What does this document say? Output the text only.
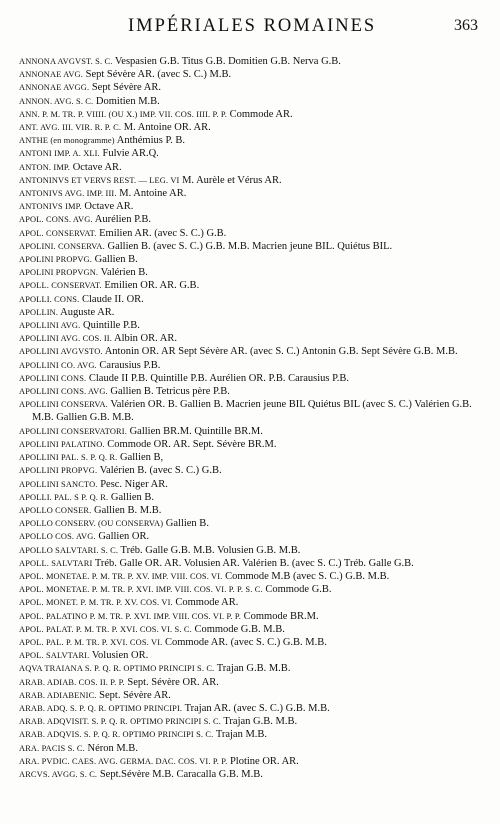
IMPÉRIALES ROMAINES	363
ANNONA AVGVST. S. C. Vespasien G.B. Titus G.B. Domitien G.B. Nerva G.B.
ANNONAE AVG. Sept Sévère AR. (avec S. C.) M.B.
ANNONAE AVGG. Sept Sévère AR.
ANNON. AVG. S. C. Domitien M.B.
ANN. P. M. TR. P. VIIII. (OU X.) IMP. VII. COS. IIII. P. P. Commode AR.
ANT. AVG. III. VIR. R. P. C. M. Antoine OR. AR.
ANTHE (en monogramme) Anthémius P. B.
ANTONI IMP. A. XLI. Fulvie AR.Q.
ANTON. IMP. Octave AR.
ANTONINVS ET VERVS REST. — LEG. VI M. Aurèle et Vérus AR.
ANTONIVS AVG. IMP. III. M. Antoine AR.
ANTONIVS IMP. Octave AR.
APOL. CONS. AVG. Aurélien P.B.
APOL. CONSERVAT. Emilien AR. (avec S. C.) G.B.
APOLINI. CONSERVA. Gallien B. (avec S. C.) G.B. M.B. Macrien jeune BIL. Quiétus BIL.
APOLINI PROPVG. Gallien B.
APOLINI PROPVGN. Valérien B.
APOLL. CONSERVAT. Emilien OR. AR. G.B.
APOLLI. CONS. Claude II. OR.
APOLLIN. Auguste AR.
APOLLINI AVG. Quintille P.B.
APOLLINI AVG. COS. II. Albin OR. AR.
APOLLINI AVGVSTO. Antonin OR. AR Sept Sévère AR. (avec S. C.) Antonin G.B. Sept Sévère G.B. M.B.
APOLLINI CO. AVG. Carausius P.B.
APOLLINI CONS. Claude II P.B. Quintille P.B. Aurélien OR. P.B. Carausius P.B.
APOLLINI CONS. AVG. Gallien B. Tetricus père P.B.
APOLLINI CONSERVA. Valérien OR. B. Gallien B. Macrien jeune BIL Quiétus BIL (avec S. C.) Valérien G.B. M.B. Gallien G.B. M.B.
APOLLINI CONSERVATORI. Gallien BR.M. Quintille BR.M.
APOLLINI PALATINO. Commode OR. AR. Sept. Sévère BR.M.
APOLLINI PAL. S. P. Q. R. Gallien B,
APOLLINI PROPVG. Valérien B. (avec S. C.) G.B.
APOLLINI SANCTO. Pesc. Niger AR.
APOLLI. PAL. S P. Q. R. Gallien B.
APOLLO CONSER. Gallien B. M.B.
APOLLO CONSERV. (OU CONSERVA) Gallien B.
APOLLO COS. AVG. Gallien OR.
APOLLO SALVTARI. S. C. Tréb. Galle G.B. M.B. Volusien G.B. M.B.
APOLL. SALVTARI Tréb. Galle OR. AR. Volusien AR. Valérien B. (avec S. C.) Tréb. Galle G.B.
APOL. MONETAE. P. M. TR. P. XV. IMP. VIII. COS. VI. Commode M.B (avec S. C.) G.B. M.B.
APOL. MONETAE. P. M. TR. P. XVI. IMP. VIII. COS. VI. P. P. S. C. Commode G.B.
APOL. MONET. P. M. TR. P. XV. COS. VI. Commode AR.
APOL. PALATINO P. M. TR. P. XVI. IMP. VIII. COS. VI. P. P. Commode BR.M.
APOL. PALAT. P. M. TR. P. XVI. COS. VI. S. C. Commode G.B. M.B.
APOL. PAL. P. M. TR. P. XVI. COS. VI. Commode AR. (avec S. C.) G.B. M.B.
APOL. SALVTARI. Volusien OR.
AQVA TRAIANA S. P. Q. R. OPTIMO PRINCIPI S. C. Trajan G.B. M.B.
ARAB. ADIAB. COS. II. P. P. Sept. Sévère OR. AR.
ARAB. ADIABENIC. Sept. Sévère AR.
ARAB. ADQ. S. P. Q. R. OPTIMO PRINCIPI. Trajan AR. (avec S. C.) G.B. M.B.
ARAB. ADQVISIT. S. P. Q. R. OPTIMO PRINCIPI S. C. Trajan G.B. M.B.
ARAB. ADQVIS. S. P. Q. R. OPTIMO PRINCIPI S. C. Trajan M.B.
ARA. PACIS S. C. Néron M.B.
ARA. PVDIC. CAES. AVG. GERMA. DAC. COS. VI. P. P. Plotine OR. AR.
ARCVS. AVGG. S. C. Sept.Sévère M.B. Caracalla G.B. M.B.
